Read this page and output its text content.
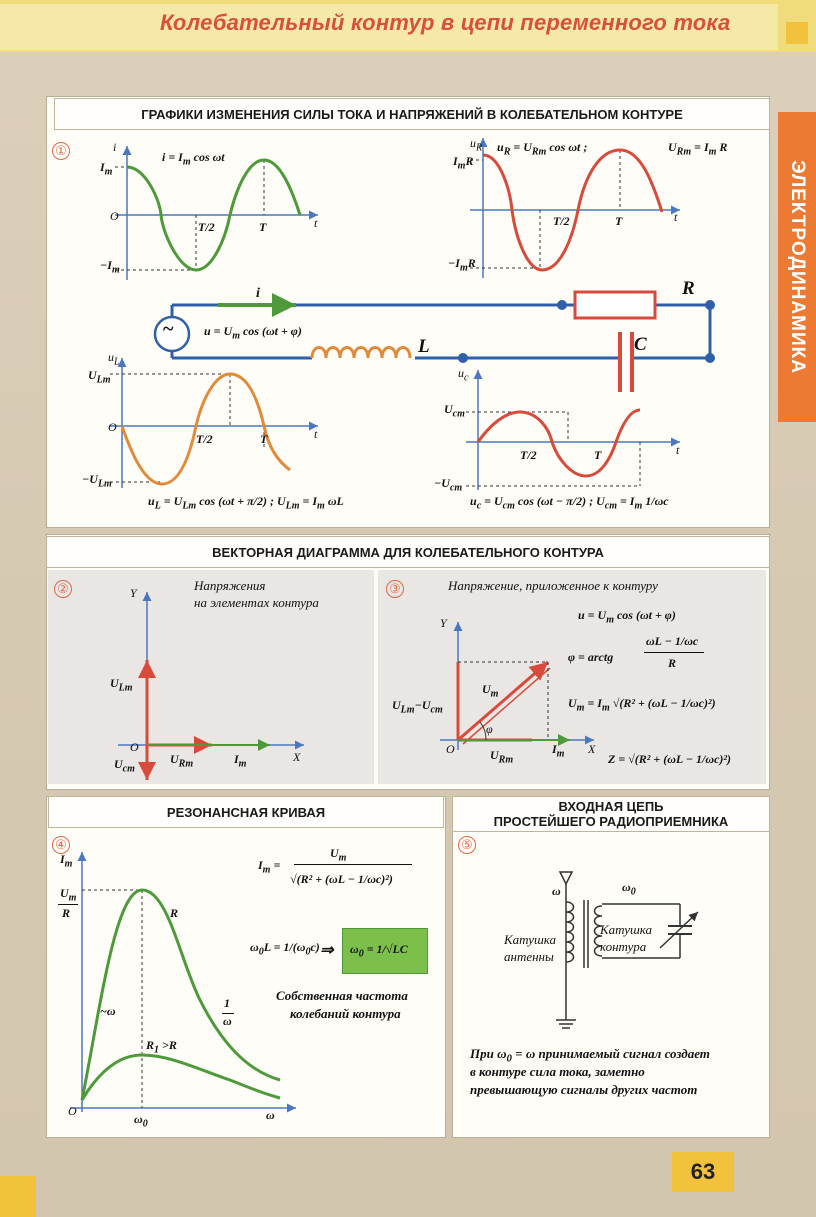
Колебательный контур в цепи переменного тока
ЭЛЕКТРОДИНАМИКА
ГРАФИКИ ИЗМЕНЕНИЯ СИЛЫ ТОКА И НАПРЯЖЕНИЙ В КОЛЕБАТЕЛЬНОМ КОНТУРЕ
①	i
$i = I_m$ cos ωt
$I_m$
$-I_m$
O
T/2	T	t
$u_R$ $u_R = U_{Rm}$ cos ωt ;	$U_{Rm} = I_m$ R
$I_mR$
$-I_mR$
T/2	T	t
i
~	$u = U_m$ cos (ωt + φ)
L	C
R
$u_L$
$U_{Lm}$
O
T/2	T	t
$-U_{Lm}$
$u_L = U_{Lm}$ cos (ωt + π/2) ; $U_{Lm} = I_m$ ωL
$u_c$
$U_{cm}$
T/2	T	t
$-U_{cm}$
$u_c = U_{cm}$ cos (ωt − π/2) ; $U_{cm} = I_m$ 1/ωc
ВЕКТОРНАЯ ДИАГРАММА ДЛЯ КОЛЕБАТЕЛЬНОГО КОНТУРА
②	③
Напряжения
на элементах контура
Напряжение, приложенное к контуру
Y
X
O
$U_{Lm}$
$U_{cm}$
$U_{Rm}$	$I_m$
Y
X
O
$U_m$
φ
$U_{Lm}-U_{cm}$
$U_{Rm}$
$I_m$
$u = U_m$ cos (ωt + φ)
φ = arctg
ωL − 1/ωc
R
$U_m = I_m$ √(R² + (ωL − 1/ωc)²)
Z = √(R² + (ωL − 1/ωc)²)
РЕЗОНАНСНАЯ КРИВАЯ
④
$I_m$
$U_m$
R	R
$R_1 >R$
~ω
1
ω
$\omega_0$
ω
O
$I_m$ =
$U_m$
√(R² + (ωL − 1/ωc)²)
$\omega_0L = 1/(\omega_0c)$ ⇒ $\omega_0 = 1/√LC$
Собственная частота
колебаний контура
ВХОДНАЯ ЦЕПЬ
ПРОСТЕЙШЕГО РАДИОПРИЕМНИКА
⑤
ω	$\omega_0$
Катушка
антенны
Катушка
контура
При $\omega_0 = \omega$ принимаемый сигнал создает
в контуре сила тока, заметно
превышающую сигналы других частот
63
